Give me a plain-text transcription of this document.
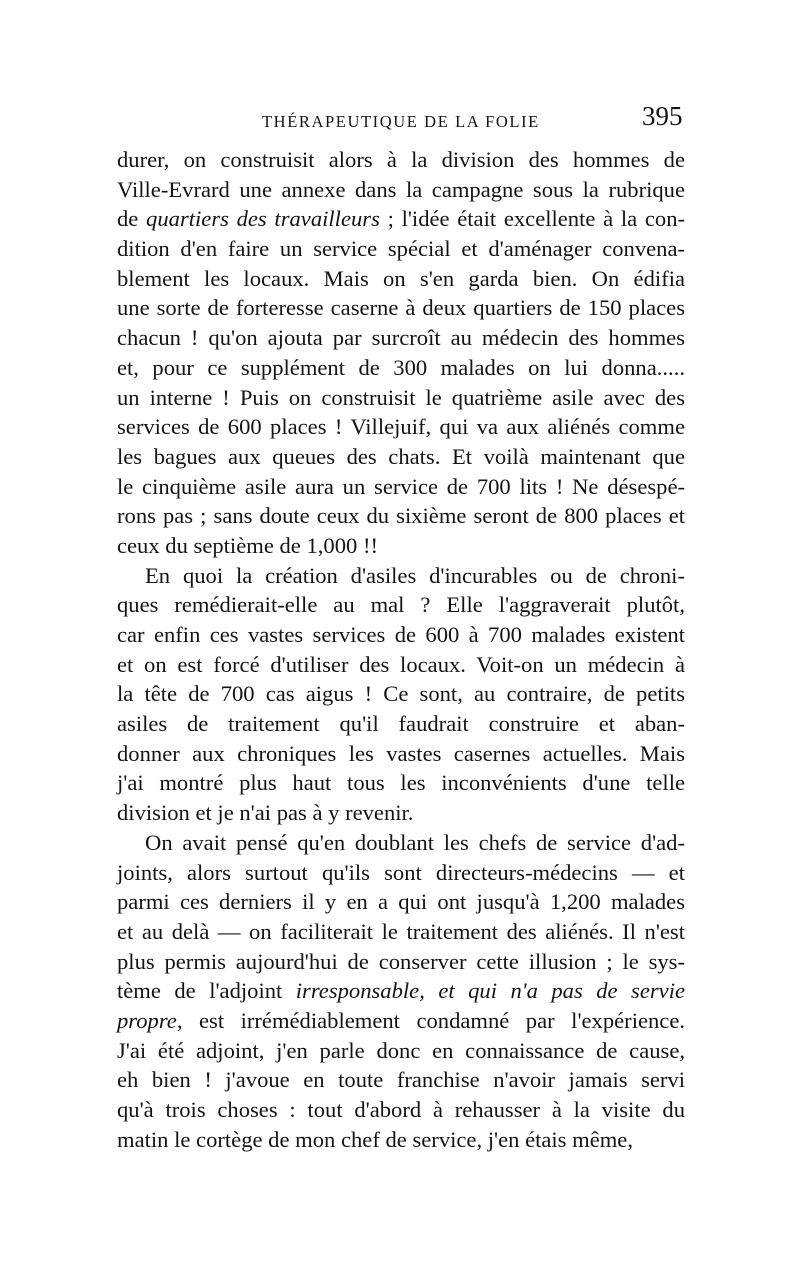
THÉRAPEUTIQUE DE LA FOLIE	395
durer, on construisit alors à la division des hommes de
Ville-Evrard une annexe dans la campagne sous la rubrique
de quartiers des travailleurs ; l'idée était excellente à la con-
dition d'en faire un service spécial et d'aménager convena-
blement les locaux. Mais on s'en garda bien. On édifia
une sorte de forteresse caserne à deux quartiers de 150 places
chacun ! qu'on ajouta par surcroît au médecin des hommes
et, pour ce supplément de 300 malades on lui donna.....
un interne ! Puis on construisit le quatrième asile avec des
services de 600 places ! Villejuif, qui va aux aliénés comme
les bagues aux queues des chats. Et voilà maintenant que
le cinquième asile aura un service de 700 lits ! Ne désespé-
rons pas ; sans doute ceux du sixième seront de 800 places et
ceux du septième de 1,000 !!
En quoi la création d'asiles d'incurables ou de chroni-
ques remédierait-elle au mal ? Elle l'aggraverait plutôt,
car enfin ces vastes services de 600 à 700 malades existent
et on est forcé d'utiliser des locaux. Voit-on un médecin à
la tête de 700 cas aigus ! Ce sont, au contraire, de petits
asiles de traitement qu'il faudrait construire et aban-
donner aux chroniques les vastes casernes actuelles. Mais
j'ai montré plus haut tous les inconvénients d'une telle
division et je n'ai pas à y revenir.
On avait pensé qu'en doublant les chefs de service d'ad-
joints, alors surtout qu'ils sont directeurs-médecins — et
parmi ces derniers il y en a qui ont jusqu'à 1,200 malades
et au delà — on faciliterait le traitement des aliénés. Il n'est
plus permis aujourd'hui de conserver cette illusion ; le sys-
tème de l'adjoint irresponsable, et qui n'a pas de servie
propre, est irrémédiablement condamné par l'expérience.
J'ai été adjoint, j'en parle donc en connaissance de cause,
eh bien ! j'avoue en toute franchise n'avoir jamais servi
qu'à trois choses : tout d'abord à rehausser à la visite du
matin le cortège de mon chef de service, j'en étais même,
